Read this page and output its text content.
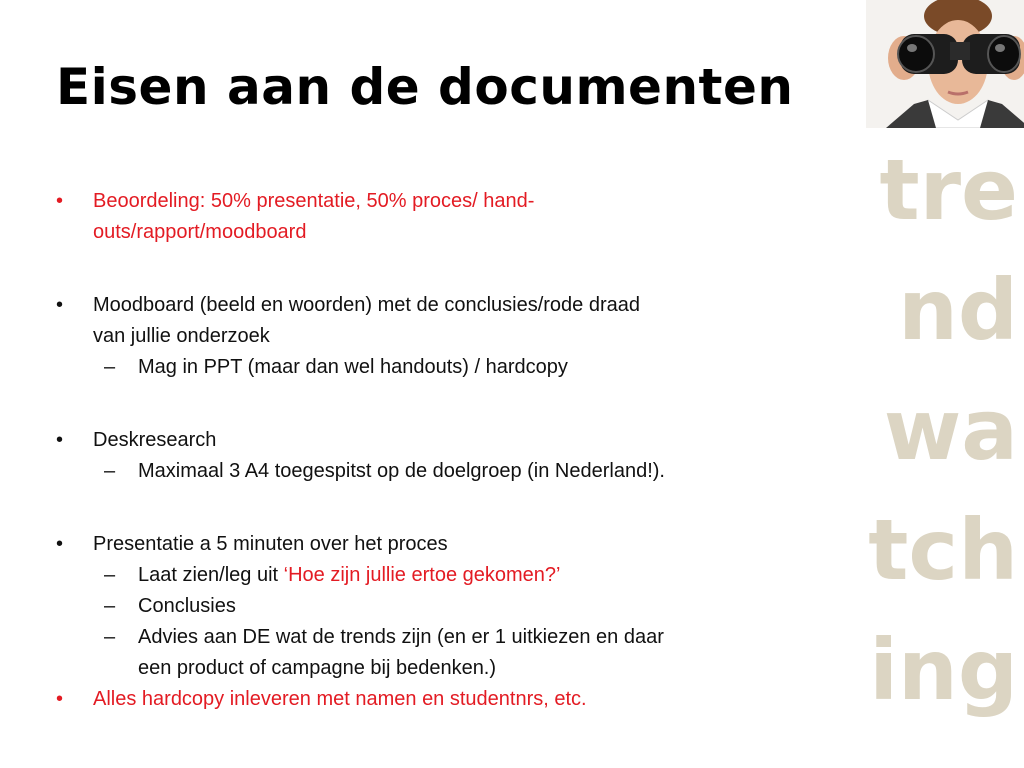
Eisen aan de documenten
tre
nd
wa
tch
ing
•	Beoordeling: 50% presentatie, 50% proces/ hand-
outs/rapport/moodboard
•	Moodboard (beeld en woorden) met de conclusies/rode draad
van jullie onderzoek
– Mag in PPT (maar dan wel handouts) / hardcopy
•	Deskresearch
– Maximaal 3 A4 toegespitst op de doelgroep (in Nederland!).
•	Presentatie a 5 minuten over het proces
– Laat zien/leg uit ‘Hoe zijn jullie ertoe gekomen?’
– Conclusies
– Advies aan DE wat de trends zijn (en er 1 uitkiezen en daar
een product of campagne bij bedenken.)
•	Alles hardcopy inleveren met namen en studentnrs, etc.
